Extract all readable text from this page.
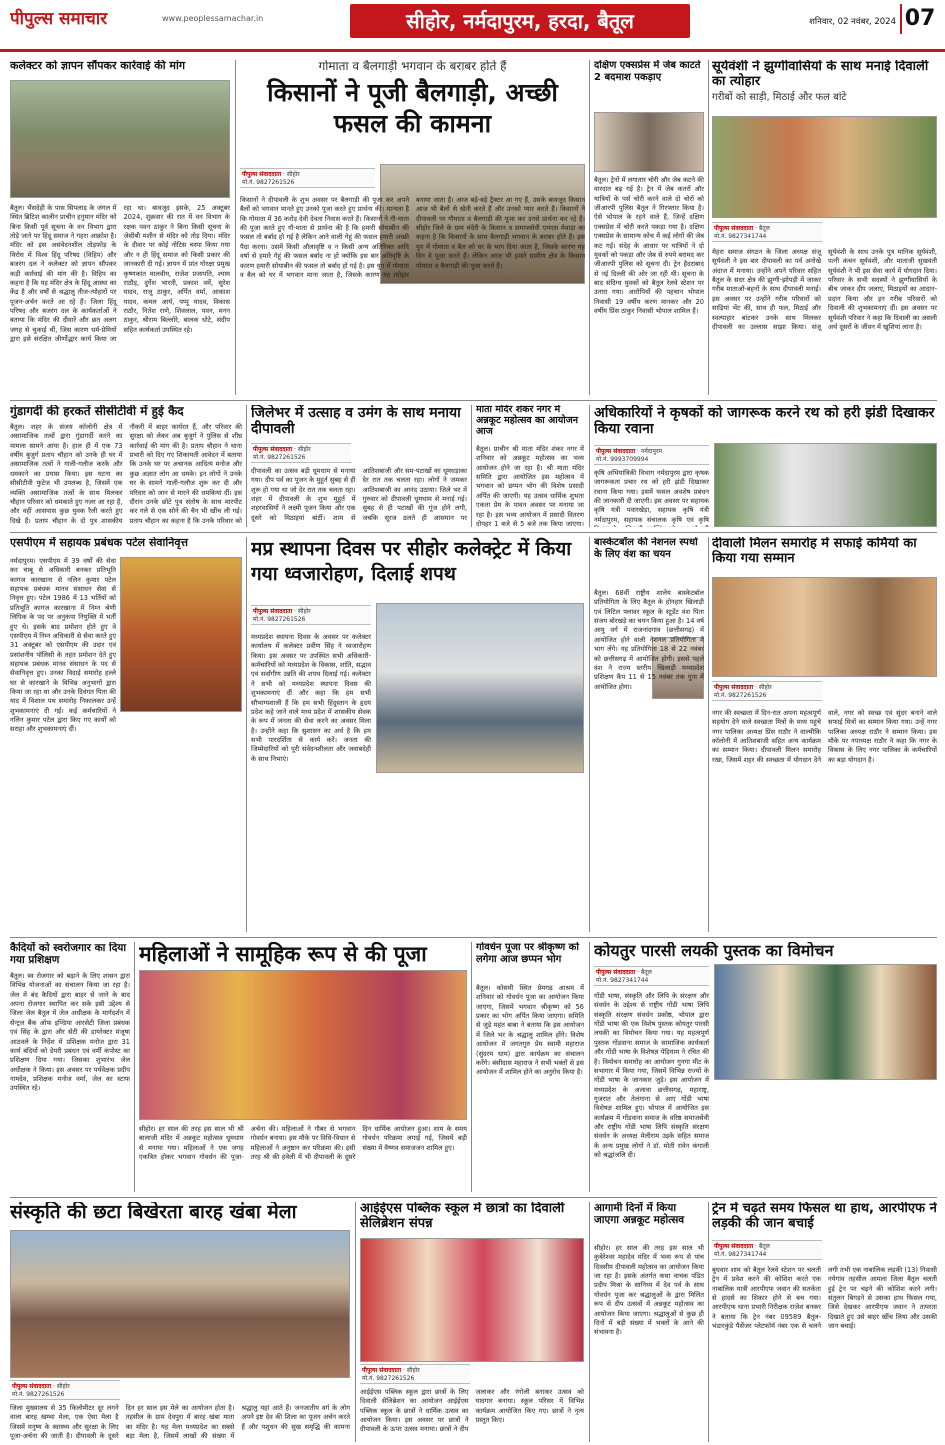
पीपुल्स समाचार	www.peoplessamachar.in	सीहोर, नर्मदापुरम, हरदा, बैतूल	शनिवार, 02 नवंबर, 2024 07
कलेक्टर को ज्ञापन सौंपकर कार्रवाई की मांग
बैतूल। भैंसदेही के पास सिपलाड़ के जंगल में स्थित ब्रिटिश कालीन प्राचीन हनुमान मंदिर को बिना किसी पूर्व सूचना के वन विभाग द्वारा तोड़े जाने पर हिंदू समाज ने गहरा आक्रोश है। मंदिर को इस असंवेदनशील तोड़फोड़ के विरोध में विश्व हिंदू परिषद (विहिप) और बजरंग दल ने कलेक्टर को ज्ञापन सौंपकर कड़ी कार्रवाई की मांग की है। विहिप का कहना है कि यह मंदिर क्षेत्र के हिंदू आस्था का केंद्र है और वर्षों से श्रद्धालु तीज-त्योहारों पर पूजन-अर्चन करते आ रहे हैं। जिला हिंदू परिषद और बजरंग दल के कार्यकर्ताओं ने बताया कि मंदिर की दीवारें और छत अलग जगह से चुकाई थीं, जिस कारण धर्म-प्रेमियों द्वारा इसे संरक्षित जीर्णोद्धार कार्य किया जा रहा था। बावजूद इसके, 25 अक्टूबर 2024, शुक्रवार की रात में वन विभाग के रक्षक पवन ठाकुर ने बिना किसी सूचना के जेसीबी मशीन से मंदिर को तोड़ दिया। मंदिर के दीवार पर कोई नोटिस चस्पा किया गया और न ही हिंदू समाज को किसी प्रकार की जानकारी दी गई। ज्ञापन में प्रांत गोरक्षा प्रमुख कृष्णकांत मालवीय, राजेश प्रजापति, श्याम राठौड़, दुर्गेश भारती, प्रकाश वर्मे, सुरेश यादव, राजू ठाकुर, अर्पित वर्मा, आकाश यादव, कमल आर्य, पप्पू यादव, विकास राठौर, नितेश राणे, शिवलाल, पवन, मनन ठाकुर, श्रीराम बिल्लोरे, बालक धोटे, संदीप सहित कार्यकर्ता उपस्थित रहे।
गोमाता व बैलगाड़ी भगवान के बराबर होते हैं
किसानों ने पूजी बैलगाड़ी, अच्छी फसल की कामना
पीपुल्स संवाददाता · सीहोर
मो.नं. 9827261526
किसानों ने दीपावली के शुभ अवसर पर बैलगाड़ी की पूजा कर अपने बैलों को भगवान मानते हुए उनको पूजा करते हुए प्रार्थना की। मान्यता है कि गोमाता में 36 करोड़ देवी देवता निवास करते हैं। किसानों ने गौ-माता की पूजा करते हुए गौ-माता से प्रार्थना की है कि हमारी सोयाबीन की फसल तो बर्बाद हो गई है लेकिन आने वाली गेहूं की फसल हमारी अच्छी पैदा करना। उसमें किसी औलावृष्टि व न किसी अन्य अतिरिक्त आदि वर्षा से हमारे गेहूं की फसल बर्बाद ना हो क्योंकि इस बार अतिवृष्टि के कारण हमारी सोयाबीन की फसल तो बर्बाद हो गई है। इस युग में गोमाता व बैल को घर में भगवान माना जाता है, जिसके कारण यह त्योहार बनाया जाता है। आज बड़े-बड़े ट्रैक्टर आ गए हैं, उसके बावजूद किसान आज भी बैलों से खेती करते हैं और उनको प्यार करते हैं। किसानों ने दीपावली पर गौमाता व बैलगाड़ी की पूजा कर उनसे प्रार्थना कर रहे हैं। सीहोर जिले के ग्राम चंदेरी के किसान व समाजसेवी एमएस मेवाड़ा का कहना है कि किसानों के साथ बैलगाड़ी भगवान के बराबर होते हैं। इस युग में गोमाता व बैल को घर के भाग दिया जाता है, जिसके कारण यह दिन वे पूजा करते हैं। लेकिन आज भी हमारे ग्रामीण क्षेत्र के किसान गोमाता व बैलगाड़ी की पूजा करते हैं।
दक्षिण एक्सप्रेस में जेब काटते 2 बदमाश पकड़ाए
बैतूल। ट्रेनों में लगातार चोरी और जेब कटने की वारदात बढ़ गई है। ट्रेन में जेब कतरों और यात्रियों के पर्स चोरी करने वाले दो चोरों को जीआरपी पुलिस बैतूल ने गिरफ्तार किया है। ऐसे भोपाल के रहने वाले हैं, जिन्हें दक्षिण एक्सप्रेस में चोरी करते पकड़ा गया है। दक्षिण एक्सप्रेस के सामान्य कोच में कई लोगों की जेब कट गई। संदेह के आधार पर यात्रियों ने दो युवकों को पकड़ा और जेब से रुपये बरामद कर जीआरपी पुलिस को सूचना दी। ट्रेन हैदराबाद से नई दिल्ली की ओर जा रही थी। सूचना के बाद संदिग्ध युवकों को बैतूल रेलवे स्टेशन पर उतारा गया। आरोपियों की पहचान भोपाल निवासी 19 वर्षीय करण मानकर और 20 वर्षीय प्रिंस ठाकुर निवासी भोपाल शामिल हैं।
सूर्यवंशी ने झुग्गीवासियों के साथ मनाई दिवाली का त्योहार
गरीबों को साड़ी, मिठाई और फल बांटे
पीपुल्स संवाददाता · बैतूल
मो.नं. 9827341744
मेहरा समाज संगठन के जिला अध्यक्ष संजू सूर्यवंशी ने इस बार दीपावली का पर्व अनोखे अंदाज में मनाया। उन्होंने अपने परिवार सहित बैतूल के सदर क्षेत्र की झुग्गी-झोपड़ी में जाकर गरीब माताओं-बहनों के साथ दीपावली मनाई। इस अवसर पर उन्होंने गरीब परिवारों को साड़ियां भेंट कीं, साथ ही फल, मिठाई और स्वल्पाहार बांटकर उनके साथ मिलकर दीपावली का उल्लास साझा किया। संजू सूर्यवंशी के साथ उनके पुत्र मानिक सूर्यवंशी, पत्नी कंचन सूर्यवंशी, और माताजी सुखवती सूर्यवंशी ने भी इस सेवा कार्य में योगदान दिया। परिवार के सभी सदस्यों ने झुग्गीवासियों के बीच जाकर दीप जलाए, मिठाइयों का आदान-प्रदान किया और इन गरीब परिवारों को दिवाली की शुभकामनाएं दीं। इस अवसर पर सूर्यवंशी परिवार ने कहा कि दिवाली का असली अर्थ दूसरों के जीवन में खुशियां लाना है।
गुंडागर्दी की हरकतें सीसीटीवी में हुई कैद
बैतूल। शहर के संजय कॉलोनी क्षेत्र में असामाजिक तत्वों द्वारा गुंडागर्दी करने का मामला सामने आया है। हाल ही में एक 73 वर्षीय बुजुर्ग प्रताप चौहान को उनके ही घर में असामाजिक तत्वों ने गाली-गलौज करके और धमकाने का प्रयास किया। इस घटना का सीसीटीवी फुटेज भी उपलब्ध है, जिसमें एक व्यक्ति असामाजिक तत्वों के साथ मिलकर चौहान परिवार को धमकाते हुए नजर आ रहा है, और वहीं आसपास कुछ युवक रैली करते हुए दिखे हैं। प्रताप चौहान के दो पुत्र शासकीय नौकरी में बाहर कार्यरत हैं, और परिवार की सुरक्षा को लेकर अब बुजुर्ग ने पुलिस से शीघ्र कार्रवाई की मांग की है। प्रताप चौहान ने थाना प्रभारी को दिए गए शिकायती आवेदन में बताया कि उनके घर पर अचानक आदित्य मनोज और कुछ अज्ञात लोग आ धमके। इन लोगों ने उनके घर के सामने गाली-गलौज शुरू कर दी और परिवार को जान से मारने की धमकियां दीं। इस दौरान उनके छोटे पुत्र संतोष के साथ मारपीट कर गले से एक सोने की चैन भी खींच ली गई। प्रताप चौहान का कहना है कि उनके परिवार को
जिलेभर में उत्साह व उमंग के साथ मनाया दीपावली
पीपुल्स संवाददाता · सीहोर
मो.नं. 9827261526
दीपावली का उत्सव बड़ी धूमधाम से मनाया गया। दीप पर्व का पूजन के मुहूर्त सुबह से ही शुरू हो गया था जो देर रात तक चलता रहा। शहर में दीपावली के शुभ मुहूर्त में शहरवासियों ने लक्ष्मी पूजन किया और एक दूसरे को मिठाइयां बांटीं। शाम से आतिशबाजी और सम-पटाखों का धूमधड़ाका देर रात तक चलता रहा। लोगों ने जमकर आतिशबाजी का आनंद उठाया। जिले भर में गुरुवार को दीपावली धूमधाम से मनाई गई। सुबह से ही पटाखों की गूंज होने लगी, जबकि सूरज ढलते ही आसमान पर
माता मंदिर शंकर नगर में अन्नकूट महोत्सव का आयोजन आज
बैतूल। प्राचीन श्री माता मंदिर शंकर नगर में शनिवार को अन्नकूट महोत्सव का भव्य आयोजन होने जा रहा है। श्री माता मंदिर समिति द्वारा आयोजित इस महोत्सव में भगवान को छप्पन भोग की विशेष प्रसादी अर्पित की जाएगी। यह उत्सव धार्मिक शुभता एकता प्रेम के पावन अवसर पर मनाया जा रहा है। इस भव्य आयोजन में प्रसादी वितरण दोपहर 1 बजे से 5 बजे तक किया जाएगा।
अधिकारियों ने कृषकों को जागरूक करने रथ को हरी झंडी दिखाकर किया रवाना
पीपुल्स संवाददाता · नर्मदापुरम
मो.नं. 9993709994
कृषि अभियांत्रिकी विभाग नर्मदापुरम द्वारा कृषक जागरूकता प्रचार रथ को हरी झंडी दिखाकर रवाना किया गया। इसमें फसल अवशेष प्रबंधन की जानकारी दी जाएगी। इस अवसर पर सहायक कृषि यंत्री पवारखेड़ा, सहायक कृषि यंत्री नर्मदापुरम, सहायक संचालक कृषि एवं कृषि
एसपीएम में सहायक प्रबंधक पटेल सेवानिवृत्त
नर्मदापुरम। एसपीएम में 39 वर्षों की सेवा कर चाबू से अधिकारी बनकर प्रतिभूति कागज कारखाना से नलिन कुमार पटेल सहायक प्रबंधक मानव संसाधन सेवा से निवृत्त हुए। पटेल 1986 में 13 भर्तियों को प्रतिभूति कागज कारखाना में निम्न श्रेणी लिपिक के पद पर अनुकंपा नियुक्ति में भर्ती हुए थे। इसके बाद प्रमोशन होते हुए वे एसपीएम में निम्न अधिकारी से सेवा करते हुए 31 अक्टूबर को एसपीएम की उदार एवं प्रसांशनीय पॉलिसी के तहत प्रमोशन देते हुए सहायक प्रबंधक मानव संसाधन के पद से सेवानिवृत्त हुए। उनका विदाई समारोह हल्ले घर से कारखाने के विभिन्न अनुभागों द्वारा किया जा रहा था और उनके दिवंगत पिता की याद में विशाल पथ समारोह निकालकर उन्हें शुभकामनाएं दी गईं। कई कर्मचारियों ने नलिन कुमार पटेल द्वारा किए गए कार्यों को सराहा और शुभकामनाएं दीं।
मप्र स्थापना दिवस पर सीहोर कलेक्ट्रेट में किया गया ध्वजारोहण, दिलाई शपथ
पीपुल्स संवाददाता · सीहोर
मो.नं. 9827261526
मध्यप्रदेश स्थापना दिवस के अवसर पर कलेक्टर कार्यालय में कलेक्टर प्रवीण सिंह ने ध्वजारोहण किया। इस अवसर पर उपस्थित सभी अधिकारी-कर्मचारियों को मध्यप्रदेश के विकास, शांति, सद्भाव एवं सर्वांगीण उन्नति की शपथ दिलाई गई। कलेक्टर ने सभी को मध्यप्रदेश स्थापना दिवस की शुभकामनाएं दीं और कहा कि हम सभी सौभाग्यशाली हैं कि हम सभी हिंदुस्तान के हृदय प्रदेश कहे जाने वाले मध्य प्रदेश में शासकीय सेवक के रूप में जनता की सेवा करने का अवसर मिला है। उन्होंने कहा कि सुशासन का अर्थ है कि हम सभी पारदर्शिता से कार्य करें। जनता की जिम्मेदारियों को पूरी संवेदनशीलता और जवाबदेही के साथ निभाएं।
बास्केटबॉल की नेशनल स्पर्धा के लिए वंश का चयन
बैतूल। 68वीं राष्ट्रीय शालेय बास्केटबॉल प्रतियोगिता के लिए बैतूल के होनहार खिलाड़ी एवं लिटिल फ्लावर स्कूल के स्टूडेंट वंश पिता संजय बोरखड़े का चयन किया हुआ है। 14 वर्ष आयु वर्ग में राजनांदगांव (छत्तीसगढ़) में आयोजित होने वाली नेशनल प्रतियोगिता में भाग लेंगे। यह प्रतियोगिता 18 से 22 नवंबर को छत्तीसगढ़ में आयोजित होगी। इससे पहले वंश ने राज्य स्तरीय खिलाड़ी मध्यप्रदेश प्रशिक्षण कैंप 11 से 15 नवंबर तक गुना में आयोजित होगा।
दीवाली मिलन समारोह में सफाई कर्मियों का किया गया सम्मान
पीपुल्स संवाददाता · सीहोर
मो.नं. 9827261526
नगर की स्वच्छता में दिन-रात अपना महत्वपूर्ण सहयोग देने वाले स्वच्छता मित्रों के मध्य पहुंचे नगर पालिका अध्यक्ष प्रिंस राठौर ने वाल्मीकि कॉलोनी में आतिशबाजी सहित अन्य कार्यक्रम का सम्मान किया। दीपावली मिलन समारोह रखा, जिसमें शहर की स्वच्छता में योगदान देने वाले, नगर को स्वच्छ एवं सुंदर बनाने वाले सफाई मित्रों का सम्मान किया गया। उन्हें नगर पालिका अध्यक्ष राठौर ने सम्मान किया। इस मौके पर नपाध्यक्ष राठौर ने कहा कि नगर के विकास के लिए नगर पालिका के कर्मचारियों का बड़ा योगदान है।
कैदियों को स्वरोजगार का दिया गया प्रशिक्षण
बैतूल। स्व रोजगार को बढ़ाने के लिए शासन द्वारा विभिन्न योजनाओं का संचालन किया जा रहा है। जेल में बंद कैदियों द्वारा बाहर से जाने के बाद अपना रोजगार स्थापित कर सके इसी उद्देश्य से जिला जेल बैतूल में जेल अधीक्षक के मार्गदर्शन में सेन्ट्रल बैंक ऑफ इण्डिया आरसेटी जिला प्रबंधक एवं सिंह के द्वारा और सेटी की डायरेक्टर मंजूषा आठवले के निर्देश में प्रशिक्षक मनोज द्वारा 31 कार्य बंदियों को डेयरी प्रबंधन एवं वर्मी कंपोस्ट का प्रशिक्षण दिया गया। जिसका शुभारंभ जेल अधीक्षक ने किया। इस अवसर पर पर्यवेक्षक प्रदीप नामदेव, प्रशिक्षक मनोज वर्मा, जेल का स्टाफ उपस्थित रहे।
महिलाओं ने सामूहिक रूप से की पूजा
सीहोर। हर साल की तरह इस साल भी श्री बालाजी मंदिर में अन्नकूट महोत्सव धूमधाम से मनाया गया। महिलाओं ने एक जगह एकत्रित होकर भगवान गोवर्धन की पूजा-अर्चना की। महिलाओं ने गौबर से भगवान गोवर्धन बनाया। इस मौके पर विधि-विधान से महिलाओं ने अनुष्ठान कर परिक्रमा की। इसी तरह श्री की हवेली में भी दीपावली के दूसरे दिन धार्मिक आयोजन हुआ। शाम के समय गोवर्धन परिक्रमा लगाई गई, जिसमें बड़ी संख्या में वैष्णव समाजजन शामिल हुए।
गोवर्धन पूजा पर श्रीकृष्ण को लगेगा आज छप्पन भोग
बैतूल। कोसमी स्थित प्रेमगढ़ आश्रम में शनिवार को गोवर्धन पूजा का आयोजन किया जाएगा, जिसमें भगवान श्रीकृष्ण को 56 प्रकार का भोग अर्पित किया जाएगा। समिति से जुड़े महंत बाबा ने बताया कि इस आयोजन में जिले भर के श्रद्धालु शामिल होंगे। विशेष आयोजन में जगतगुरु प्रेम स्वामी महाराज (सुंदरम धाम) द्वारा कार्यक्रम का संचालन करेंगे। बंसीदास महाराज ने सभी भक्तों से इस आयोजन में शामिल होने का अनुरोध किया है।
कोयतुर पारसी लयकी पुस्तक का विमोचन
पीपुल्स संवाददाता · बैतूल
मो.नं. 9827341744
गोंडी भाषा, संस्कृति और लिपि के संरक्षण और संवर्धन के उद्देश्य से राष्ट्रीय गोंडी भाषा लिपि संस्कृति संरक्षण संवर्धन प्रकोष्ठ, भोपाल द्वारा गोंडी भाषा की एक विशेष पुस्तक कोयतुर पारसी लयकी का विमोचन किया गया। यह महत्वपूर्ण पुस्तक गोंडवाना समाज के सामाजिक कार्यकर्ता और गोंडी भाषा के विशेषज्ञ पेड़ियाम ने रचित की है। विमोचन समारोह का आयोजन गुनगा मीट के सभागार में किया गया, जिसमें विभिन्न राज्यों के गोंडी भाषा के जानकार जुड़े। इस आयोजन में मध्यप्रदेश के अलावा छत्तीसगढ़, महाराष्ट्र, गुजरात और तेलंगाना से आए गोंडी भाषा विशेषज्ञ शामिल हुए। भोपाल में आयोजित इस कार्यक्रम में गोंडवाना समाज के वरिष्ठ समाजसेवी और राष्ट्रीय गोंडी भाषा लिपि संस्कृति संरक्षण संवर्धन के अध्यक्ष मेलीराम उइके सहित समाज के अन्य प्रमुख लोगों ने डॉ. मोती रावेन कंगाली को श्रद्धांजलि दी।
संस्कृति की छटा बिखेरता बारह खंबा मेला
पीपुल्स संवाददाता · सीहोर
मो.नं. 9827261526
जिला मुख्यालय से 35 किलोमीटर दूर लगने वाला बारह खम्भा मेला, एक ऐसा मेला है जिसमें मनुष्य के स्वास्थ्य और सुरक्षा के लिए पूजा-अर्चना की जाती है। दीपावली के दूसरे दिन हर साल इस मेले का आयोजन होता है। तहसील के ग्राम देवपुरा में बारह खंबा माता का मंदिर है। यह मेला मध्यप्रदेश का सबसे बड़ा मेला है, जिसमें लाखों की संख्या में श्रद्धालु यहां आते हैं। जनजातीय वर्ग के लोग अपने इष्ट देव की शिला का पूजन अर्चन करते हैं और पशुधन की सुख समृद्धि की कामना
आईईएस पब्लिक स्कूल में छात्रों का दिवाली सेलिब्रेशन संपन्न
पीपुल्स संवाददाता · सीहोर
मो.नं. 9827261526
आईईएस पब्लिक स्कूल द्वारा छात्रों के लिए दिवाली सेलिब्रेशन का आयोजन आईईएस पब्लिक स्कूल के छात्रों ने धार्मिक उत्सव का आयोजन किया। इस अवसर पर छात्रों ने दीपावली के ऊपर उत्सव मनाया। छात्रों ने दीप जलाकर और रंगोली बनाकर उत्सव को यादगार बनाया। स्कूल परिसर में विभिन्न कार्यक्रम आयोजित किए गए। छात्रों ने नृत्य प्रस्तुत किए।
आगामी दिनों में किया जाएगा अन्नकूट महोत्सव
सीहोर। हर साल की तरह इस साल भी कुबेरेश्वर महादेव मंदिर में भव्य रूप से पांच दिवसीय दीपावली महोत्सव का आयोजन किया जा रहा है। इसके अंतर्गत कथा वाचक पंडित प्रदीप मिश्रा के सानिध्य में देव पर्व के साथ गोवर्धन पूजा कर श्रद्धालुओं के द्वारा मिलित रूप से दीप उत्सवों में अन्नकूट महोत्सव का आयोजन किया जाएगा। श्रद्धालुओं से कुछ ही दिनों में बड़ी संख्या में भक्तों के आने की संभावना है।
ट्रेन में चढ़ते समय फिसल था हाथ, आरपीएफ ने लड़की की जान बचाई
पीपुल्स संवाददाता · बैतूल
मो.नं. 9827341744
बुधवार शाम को बैतूल रेलवे स्टेशन पर चलती ट्रेन में प्रवेश करने की कोशिश करते एक नाबालिक यात्री आरपीएफ जवान की सतर्कता से हादसे का शिकार होने से बच गया। आरपीएफ थाना प्रभारी निरीक्षक राजेश बनकर ने बताया कि ट्रेन नंबर 09589 बैतूल-भंडारकुंडे पैसेंजर प्लेटफॉर्म नंबर एक से चलने लगी तभी एक नाबालिक लड़की (13) निवासी नयेगांव तहसील आमला जिला बैतूल चलती हुई ट्रेन पर चढ़ने की कोशिश करने लगी। संतुलन बिगड़ने से उसका हाथ फिसल गया, जिसे देखकर आरपीएफ जवान ने तत्परता दिखाते हुए उसे बाहर खींच लिया और उसकी जान बचाई।
